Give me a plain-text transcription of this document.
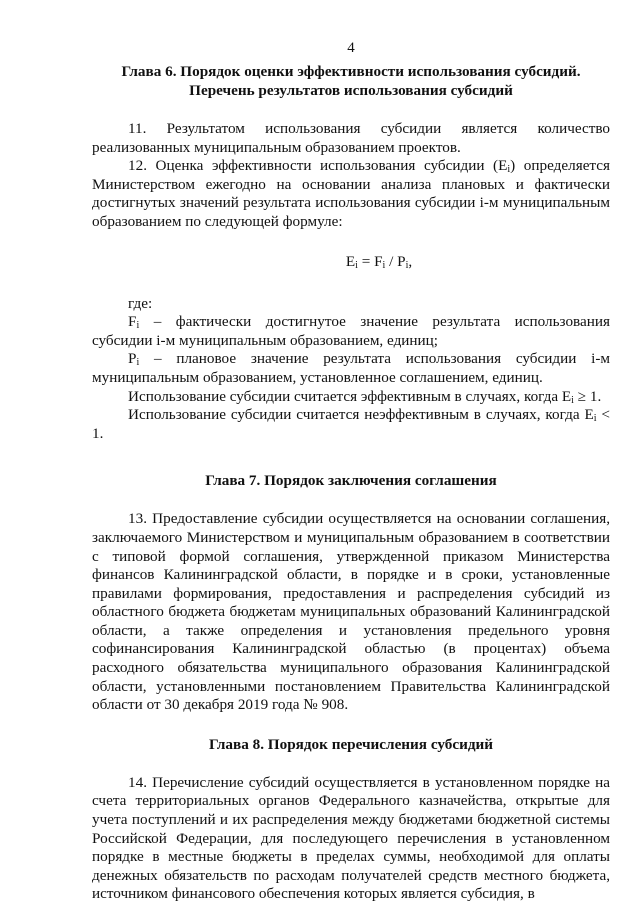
4
Глава 6. Порядок оценки эффективности использования субсидий.
Перечень результатов использования субсидий

11. Результатом использования субсидии является количество реализованных муниципальным образованием проектов.

12. Оценка эффективности использования субсидии $(E_i)$ определяется Министерством ежегодно на основании анализа плановых и фактически достигнутых значений результата использования субсидии i-м муниципальным образованием по следующей формуле:

$E_i = F_i / P_i$,

где:

$F_i$ – фактически достигнутое значение результата использования субсидии i-м муниципальным образованием, единиц;

$P_i$ – плановое значение результата использования субсидии i-м муниципальным образованием, установленное соглашением, единиц.

Использование субсидии считается эффективным в случаях, когда $E_i \ge 1$.

Использование субсидии считается неэффективным в случаях, когда $E_i < 1$.

Глава 7. Порядок заключения соглашения

13. Предоставление субсидии осуществляется на основании соглашения, заключаемого Министерством и муниципальным образованием в соответствии с типовой формой соглашения, утвержденной приказом Министерства финансов Калининградской области, в порядке и в сроки, установленные правилами формирования, предоставления и распределения субсидий из областного бюджета бюджетам муниципальных образований Калининградской области, а также определения и установления предельного уровня софинансирования Калининградской областью (в процентах) объема расходного обязательства муниципального образования Калининградской области, установленными постановлением Правительства Калининградской области от 30 декабря 2019 года № 908.

Глава 8. Порядок перечисления субсидий

14. Перечисление субсидий осуществляется в установленном порядке на счета территориальных органов Федерального казначейства, открытые для учета поступлений и их распределения между бюджетами бюджетной системы Российской Федерации, для последующего перечисления в установленном порядке в местные бюджеты в пределах суммы, необходимой для оплаты денежных обязательств по расходам получателей средств местного бюджета, источником финансового обеспечения которых является субсидия, в
